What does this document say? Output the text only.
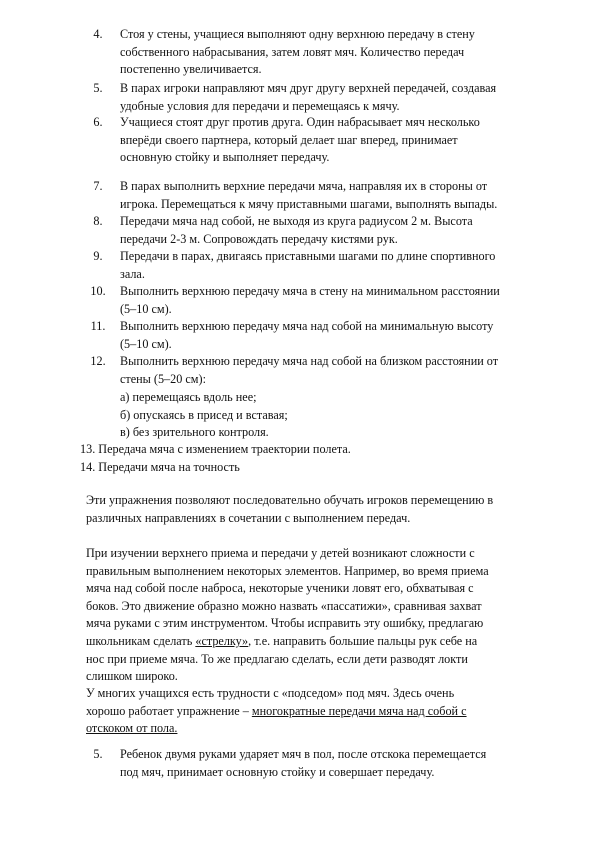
4.	Стоя у стены, учащиеся выполняют одну верхнюю передачу в стену
собственного набрасывания, затем ловят мяч. Количество передач
постепенно увеличивается.
5.	В парах игроки направляют мяч друг другу верхней передачей, создавая
удобные условия для передачи и перемещаясь к мячу.
6.	Учащиеся стоят друг против друга. Один набрасывает мяч несколько
вперёди своего партнера, который делает шаг вперед, принимает
основную стойку и выполняет передачу.
7.	В парах выполнить верхние передачи мяча, направляя их в стороны от
игрока. Перемещаться к мячу приставными шагами, выполнять выпады.
8.	Передачи мяча над собой, не выходя из круга радиусом 2 м. Высота
передачи 2-3 м. Сопровождать передачу кистями рук.
9.	Передачи в парах, двигаясь приставными шагами по длине спортивного
зала.
10.	Выполнить верхнюю передачу мяча в стену на минимальном расстоянии
(5–10 см).
11.	Выполнить верхнюю передачу мяча над собой на минимальную высоту
(5–10 см).
12.	Выполнить верхнюю передачу мяча над собой на близком расстоянии от
стены (5–20 см):
а) перемещаясь вдоль нее;
б) опускаясь в присед и вставая;
в) без зрительного контроля.
13. Передача мяча с изменением траектории полета.
14. Передачи мяча на точность
Эти упражнения позволяют последовательно обучать игроков перемещению в
различных направлениях в сочетании с выполнением передач.
При изучении верхнего приема и передачи у детей возникают сложности с
правильным выполнением некоторых элементов. Например, во время приема
мяча над собой после наброса, некоторые ученики ловят его, обхватывая с
боков. Это движение образно можно назвать «пассатижи», сравнивая захват
мяча руками с этим инструментом. Чтобы исправить эту ошибку, предлагаю
школьникам сделать «стрелку», т.е. направить большие пальцы рук себе на
нос при приеме мяча. То же предлагаю сделать, если дети разводят локти
слишком широко.
У многих учащихся есть трудности с «подседом» под мяч. Здесь очень
хорошо работает упражнение – многократные передачи мяча над собой с
отскоком от пола.
5.	Ребенок двумя руками ударяет мяч в пол, после отскока перемещается
под мяч, принимает основную стойку и совершает передачу.
